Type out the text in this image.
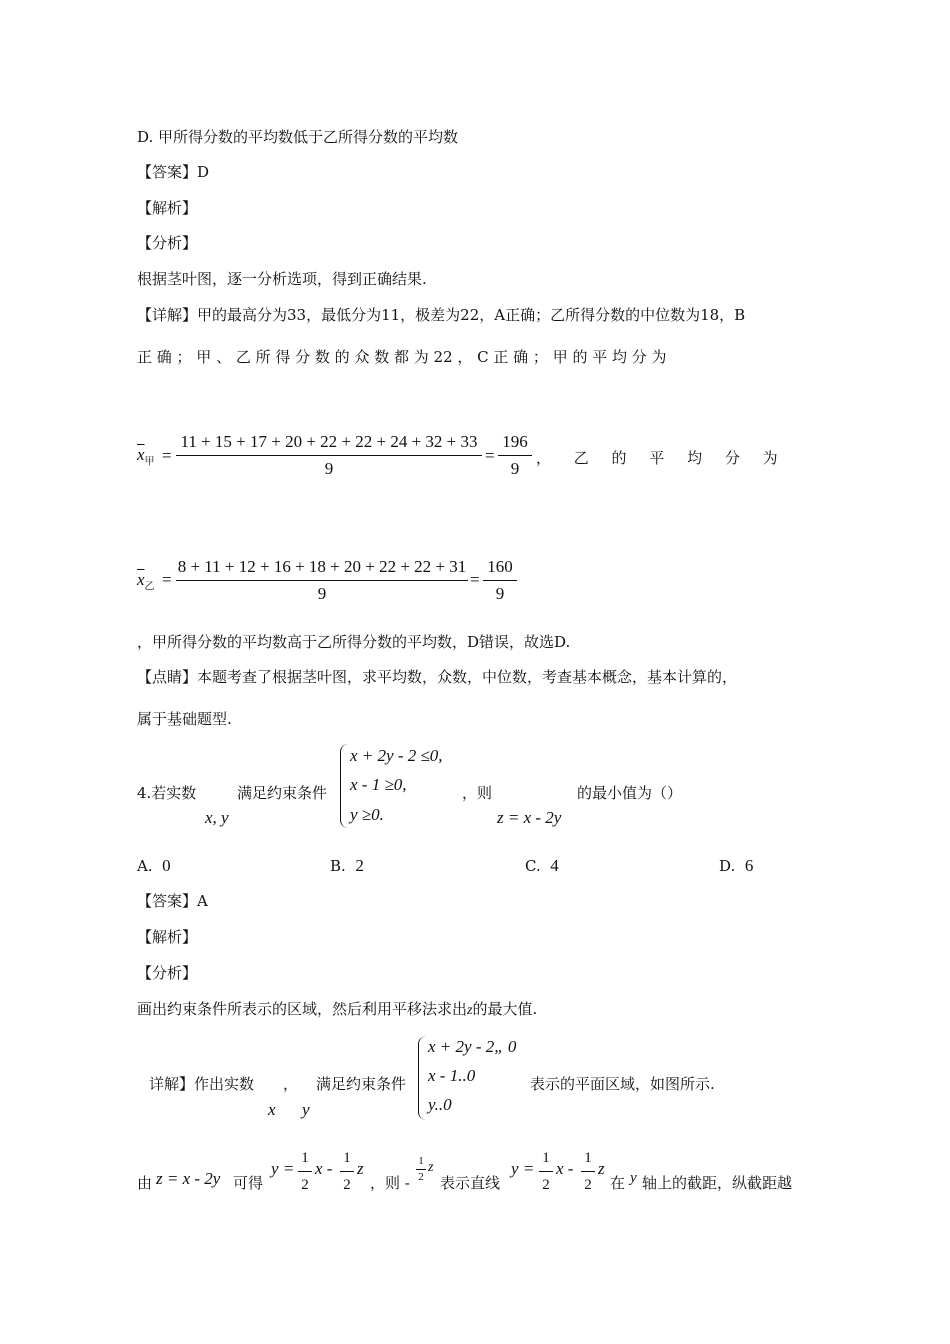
D. 甲所得分数的平均数低于乙所得分数的平均数
【答案】D
【解析】
【分析】
根据茎叶图，逐一分析选项，得到正确结果.
【详解】甲的最高分为33，最低分为11，极差为22，A正确；乙所得分数的中位数为18，B
正 确 ； 甲 、 乙 所 得 分 数 的 众 数 都 为 22 ， C 正 确 ； 甲 的 平 均 分 为
$\overline{x}_甲$ =
11 + 15 + 17 + 20 + 22 + 22 + 24 + 32 + 33
9
=
196
9
， 乙 的 平 均 分 为
$\overline{x}_乙$ =
8 + 11 + 12 + 16 + 18 + 20 + 22 + 22 + 31
9
=
160
9
，甲所得分数的平均数高于乙所得分数的平均数，D错误，故选D.
【点睛】本题考查了根据茎叶图，求平均数，众数，中位数，考查基本概念，基本计算的，
属于基础题型.
4.若实数
x, y
满足约束条件
x + 2y - 2 ≤0,
x - 1 ≥0,
y ≥0.
，则
z = x - 2y
的最小值为（）
A. 0	B. 2	C. 4	D. 6
【答案】A
【解析】
【分析】
画出约束条件所表示的区域，然后利用平移法求出z的最大值.
详解】作出实数 ，
x y
满足约束条件
x + 2y - 2„ 0
x - 1..0
y..0
表示的平面区域，如图所示.
由 z = x - 2y 可得
y =
1
2
x -
1
2
z
，则 -
1
2
z
表示直线
y =
1
2
x -
1
2
z
在 y 轴上的截距，纵截距越
